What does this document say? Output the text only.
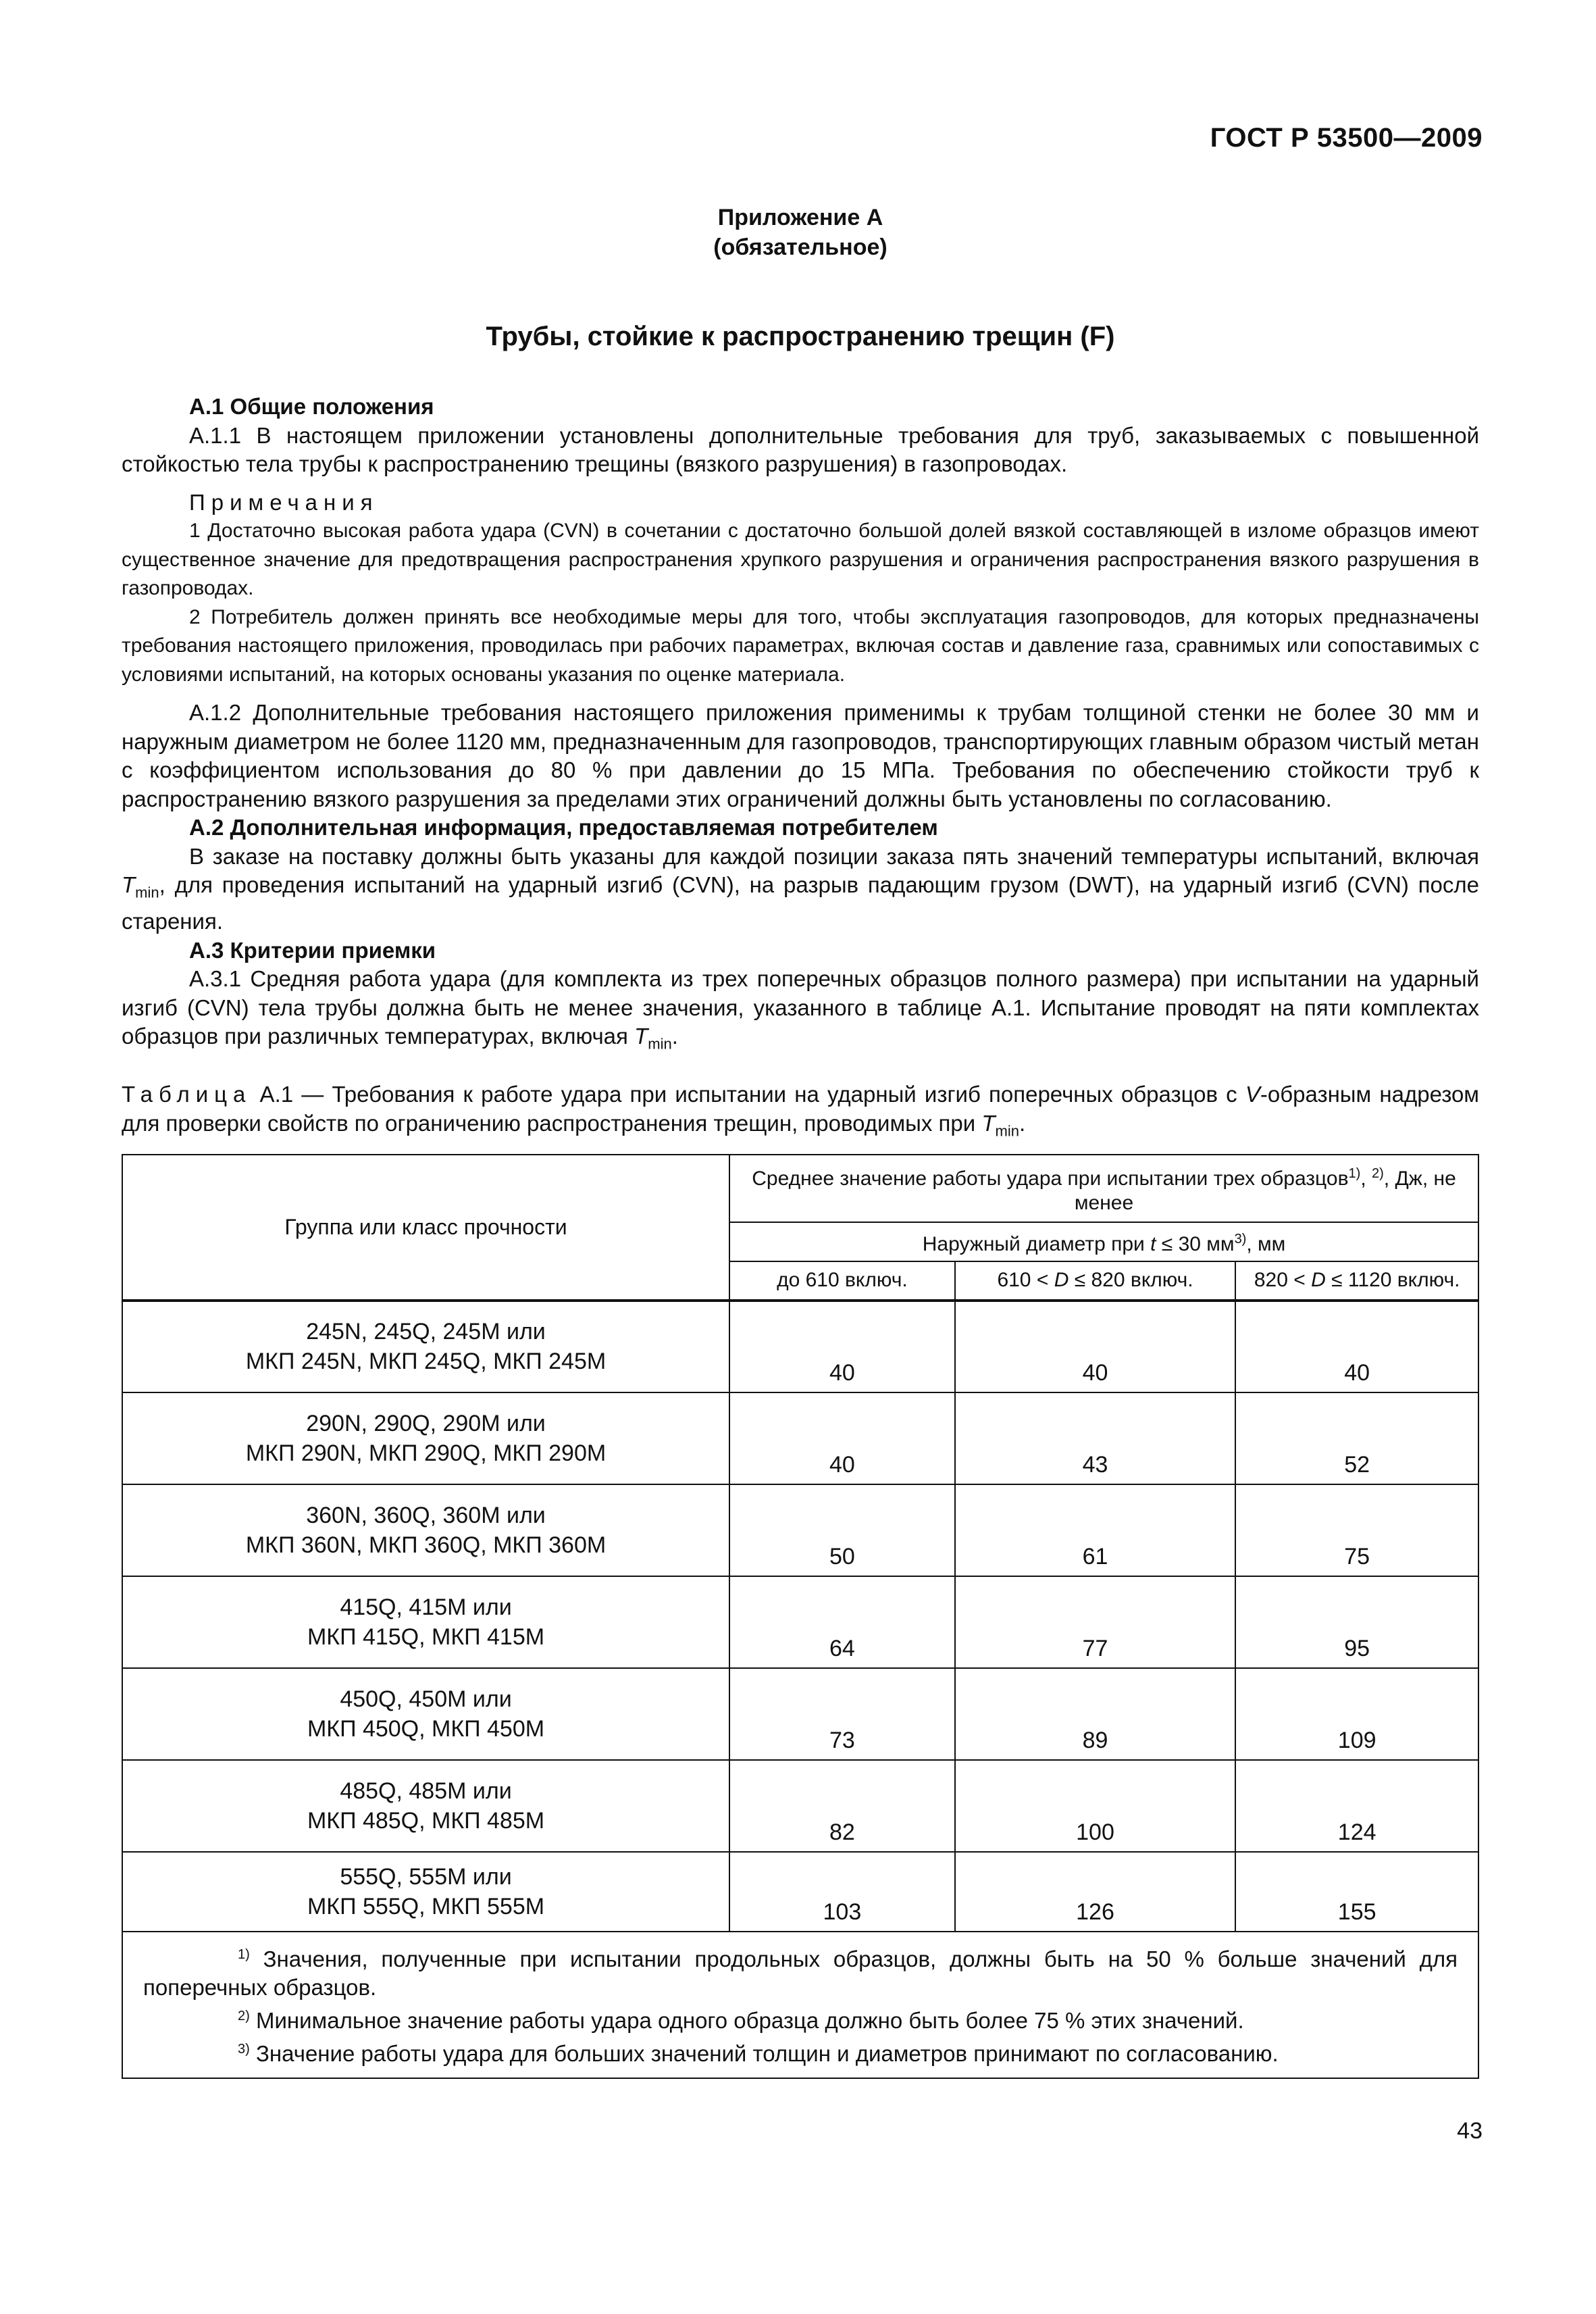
ГОСТ Р 53500—2009
Приложение А
(обязательное)
Трубы, стойкие к распространению трещин (F)

А.1 Общие положения

А.1.1 В настоящем приложении установлены дополнительные требования для труб, заказываемых с повышенной стойкостью тела трубы к распространению трещины (вязкого разрушения) в газопроводах.

Примечания

1 Достаточно высокая работа удара (CVN) в сочетании с достаточно большой долей вязкой составляющей в изломе образцов имеют существенное значение для предотвращения распространения хрупкого разрушения и ограничения распространения вязкого разрушения в газопроводах.

2 Потребитель должен принять все необходимые меры для того, чтобы эксплуатация газопроводов, для которых предназначены требования настоящего приложения, проводилась при рабочих параметрах, включая состав и давление газа, сравнимых или сопоставимых с условиями испытаний, на которых основаны указания по оценке материала.

А.1.2 Дополнительные требования настоящего приложения применимы к трубам толщиной стенки не более 30 мм и наружным диаметром не более 1120 мм, предназначенным для газопроводов, транспортирующих главным образом чистый метан с коэффициентом использования до 80 % при давлении до 15 МПа. Требования по обеспечению стойкости труб к распространению вязкого разрушения за пределами этих ограничений должны быть установлены по согласованию.

А.2 Дополнительная информация, предоставляемая потребителем

В заказе на поставку должны быть указаны для каждой позиции заказа пять значений температуры испытаний, включая $T_{min}$, для проведения испытаний на ударный изгиб (CVN), на разрыв падающим грузом (DWT), на ударный изгиб (CVN) после старения.

А.3 Критерии приемки

А.3.1 Средняя работа удара (для комплекта из трех поперечных образцов полного размера) при испытании на ударный изгиб (CVN) тела трубы должна быть не менее значения, указанного в таблице А.1. Испытание проводят на пяти комплектах образцов при различных температурах, включая $T_{min}$.

Таблица А.1 — Требования к работе удара при испытании на ударный изгиб поперечных образцов с V-образным надрезом для проверки свойств по ограничению распространения трещин, проводимых при $T_{min}$.
Группа или класс прочности	Среднее значение работы удара при испытании трех образцов$^{1)}$, $^{2)}$, Дж, не менее		
	Наружный диаметр при t ≤ 30 $мм^{3)}$, мм		
	до 610 включ.	610 < D ≤ 820 включ.	820 < D ≤ 1120 включ.

245N, 245Q, 245M или
МКП 245N, МКП 245Q, МКП 245M	40	40	40

290N, 290Q, 290M или
МКП 290N, МКП 290Q, МКП 290M	40	43	52

360N, 360Q, 360M или
МКП 360N, МКП 360Q, МКП 360M	50	61	75

415Q, 415M или
МКП 415Q, МКП 415M	64	77	95

450Q, 450M или
МКП 450Q, МКП 450M	73	89	109

485Q, 485M или
МКП 485Q, МКП 485M	82	100	124

555Q, 555M или
МКП 555Q, МКП 555M	103	126	155

$^{1)}$ Значения, полученные при испытании продольных образцов, должны быть на 50 % больше значений для поперечных образцов.

$^{2)}$ Минимальное значение работы удара одного образца должно быть более 75 % этих значений.

$^{3)}$ Значение работы удара для больших значений толщин и диаметров принимают по согласованию.			

43
